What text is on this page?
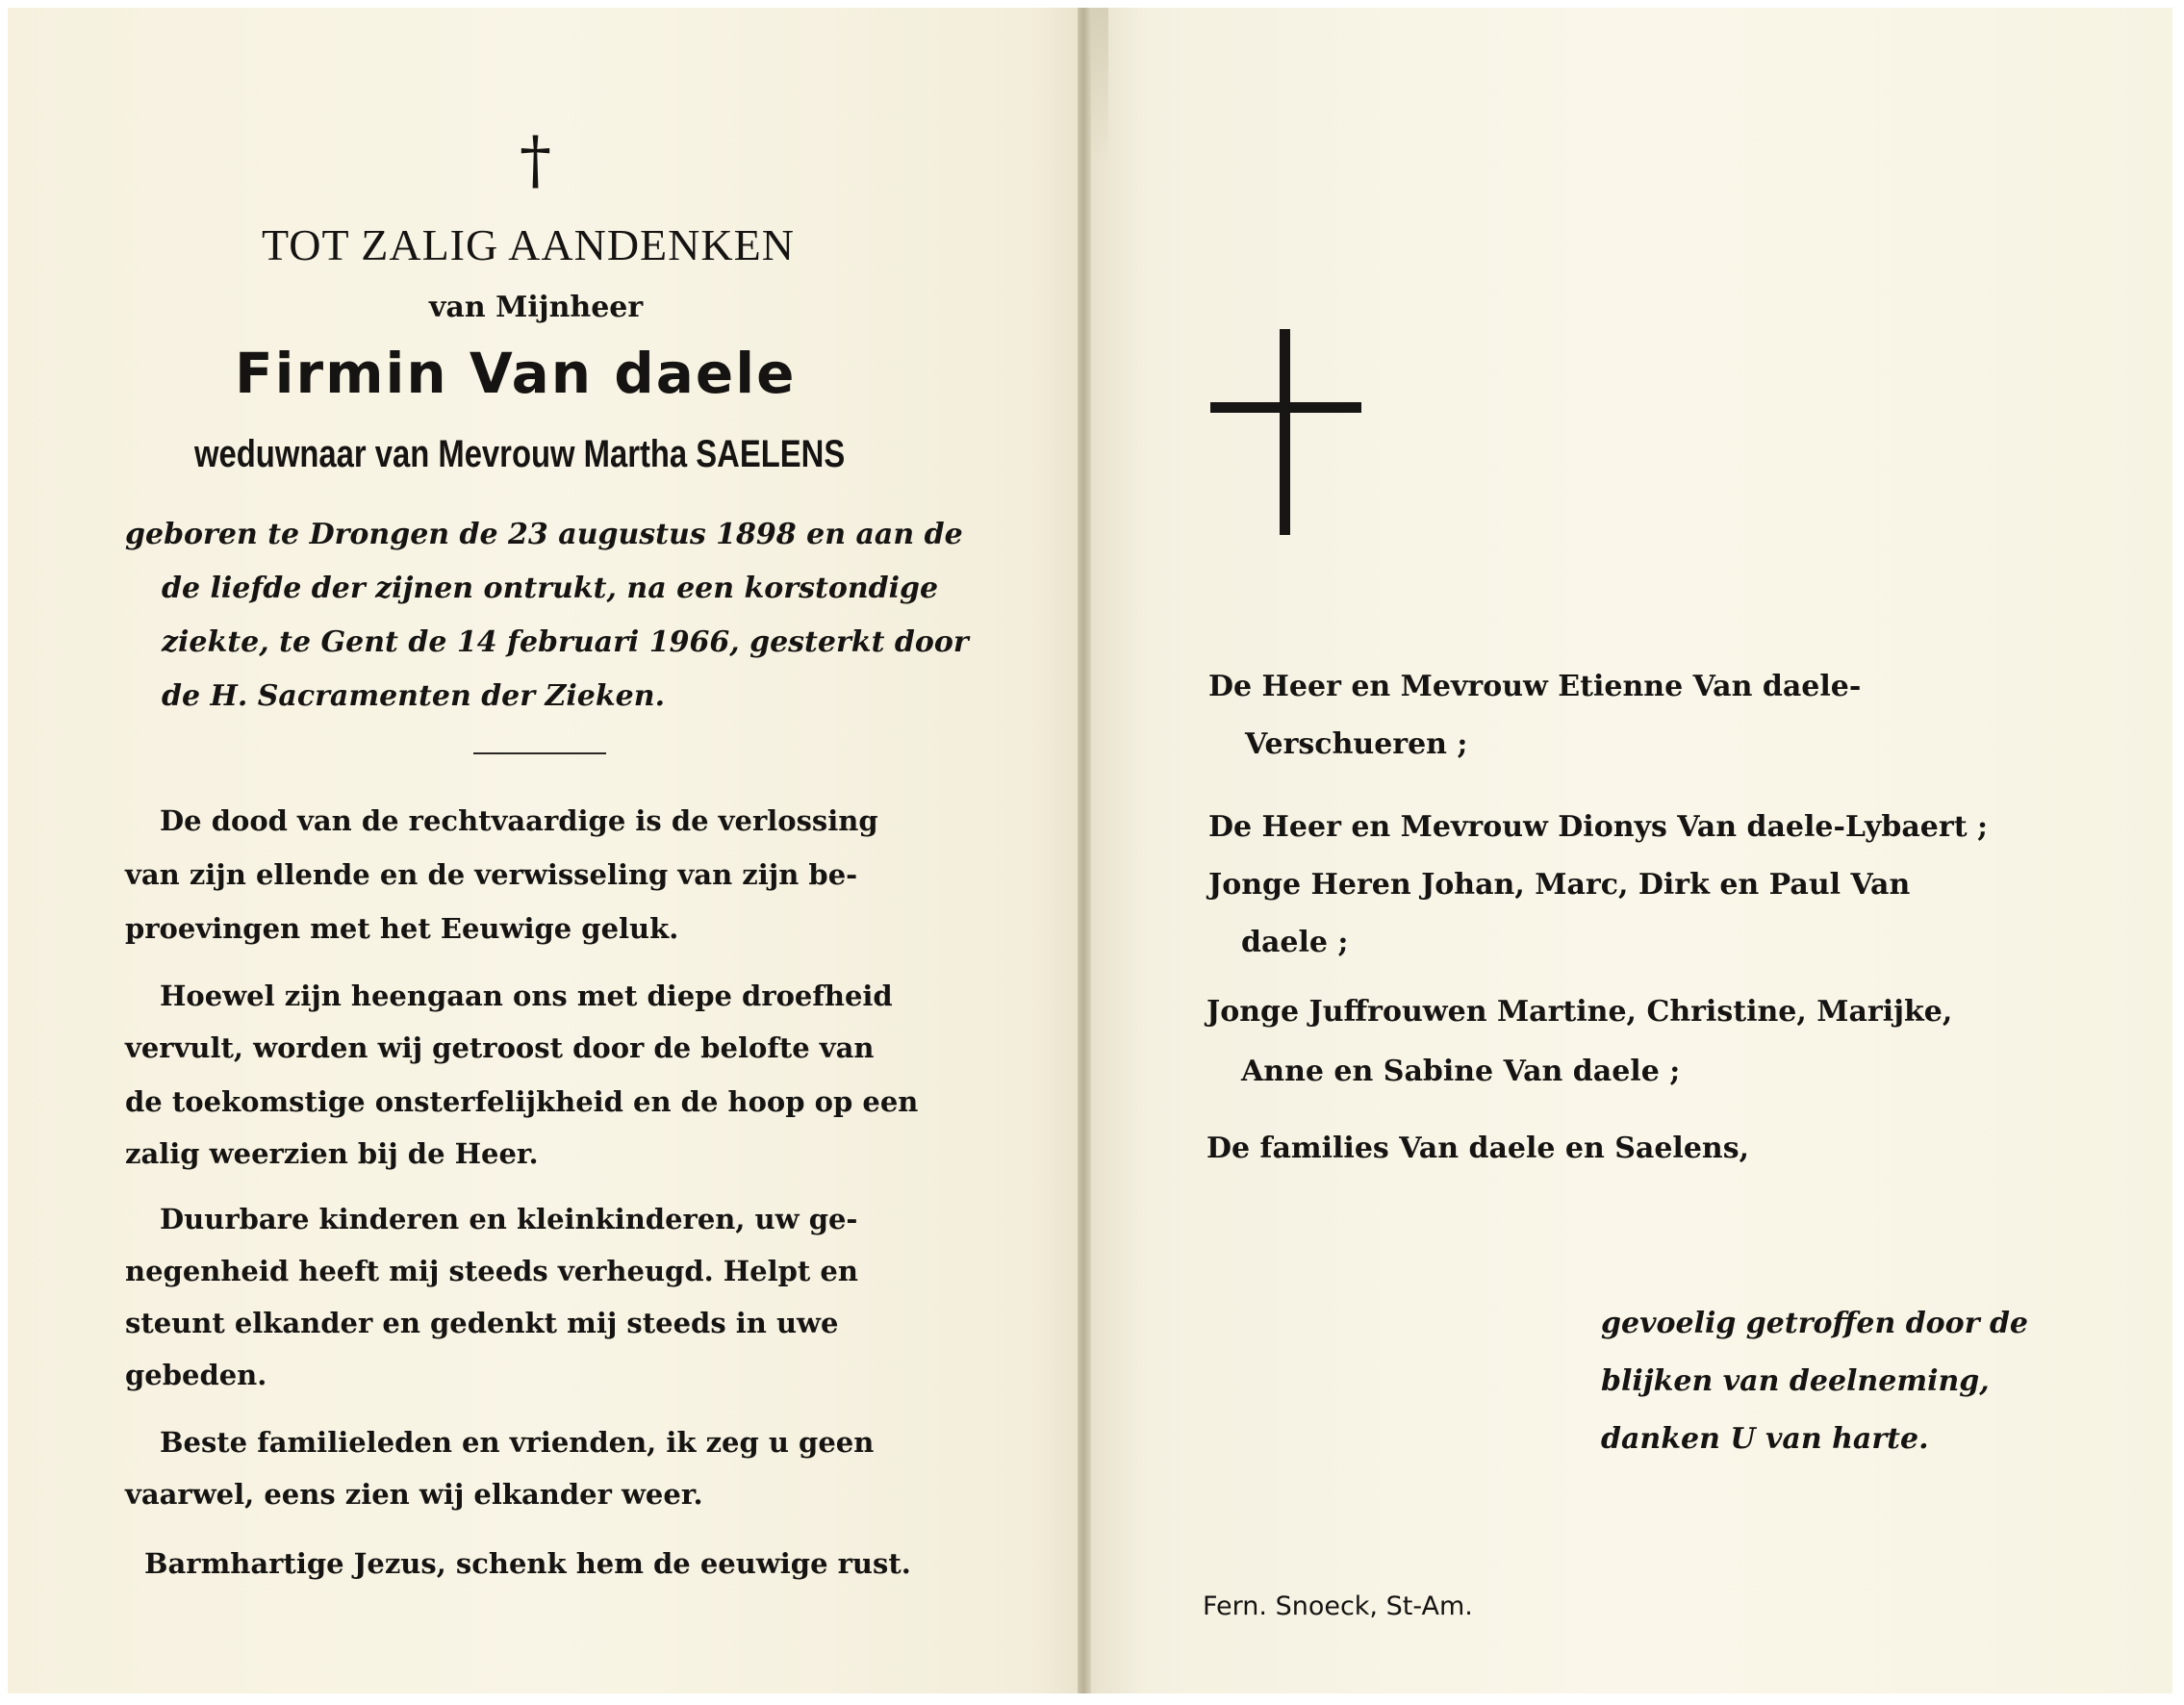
†
TOT ZALIG AANDENKEN
van Mijnheer
Firmin Van daele
weduwnaar van Mevrouw Martha SAELENS
geboren te Drongen de 23 augustus 1898 en aan de
de liefde der zijnen ontrukt, na een korstondige
ziekte, te Gent de 14 februari 1966, gesterkt door
de H. Sacramenten der Zieken.
De dood van de rechtvaardige is de verlossing
van zijn ellende en de verwisseling van zijn be-
proevingen met het Eeuwige geluk.
Hoewel zijn heengaan ons met diepe droefheid
vervult, worden wij getroost door de belofte van
de toekomstige onsterfelijkheid en de hoop op een
zalig weerzien bij de Heer.
Duurbare kinderen en kleinkinderen, uw ge-
negenheid heeft mij steeds verheugd. Helpt en
steunt elkander en gedenkt mij steeds in uwe
gebeden.
Beste familieleden en vrienden, ik zeg u geen
vaarwel, eens zien wij elkander weer.
Barmhartige Jezus, schenk hem de eeuwige rust.
De Heer en Mevrouw Etienne Van daele-
Verschueren ;
De Heer en Mevrouw Dionys Van daele-Lybaert ;
Jonge Heren Johan, Marc, Dirk en Paul Van
daele ;
Jonge Juffrouwen Martine, Christine, Marijke,
Anne en Sabine Van daele ;
De families Van daele en Saelens,
gevoelig getroffen door de
blijken van deelneming,
danken U van harte.
Fern. Snoeck, St-Am.
